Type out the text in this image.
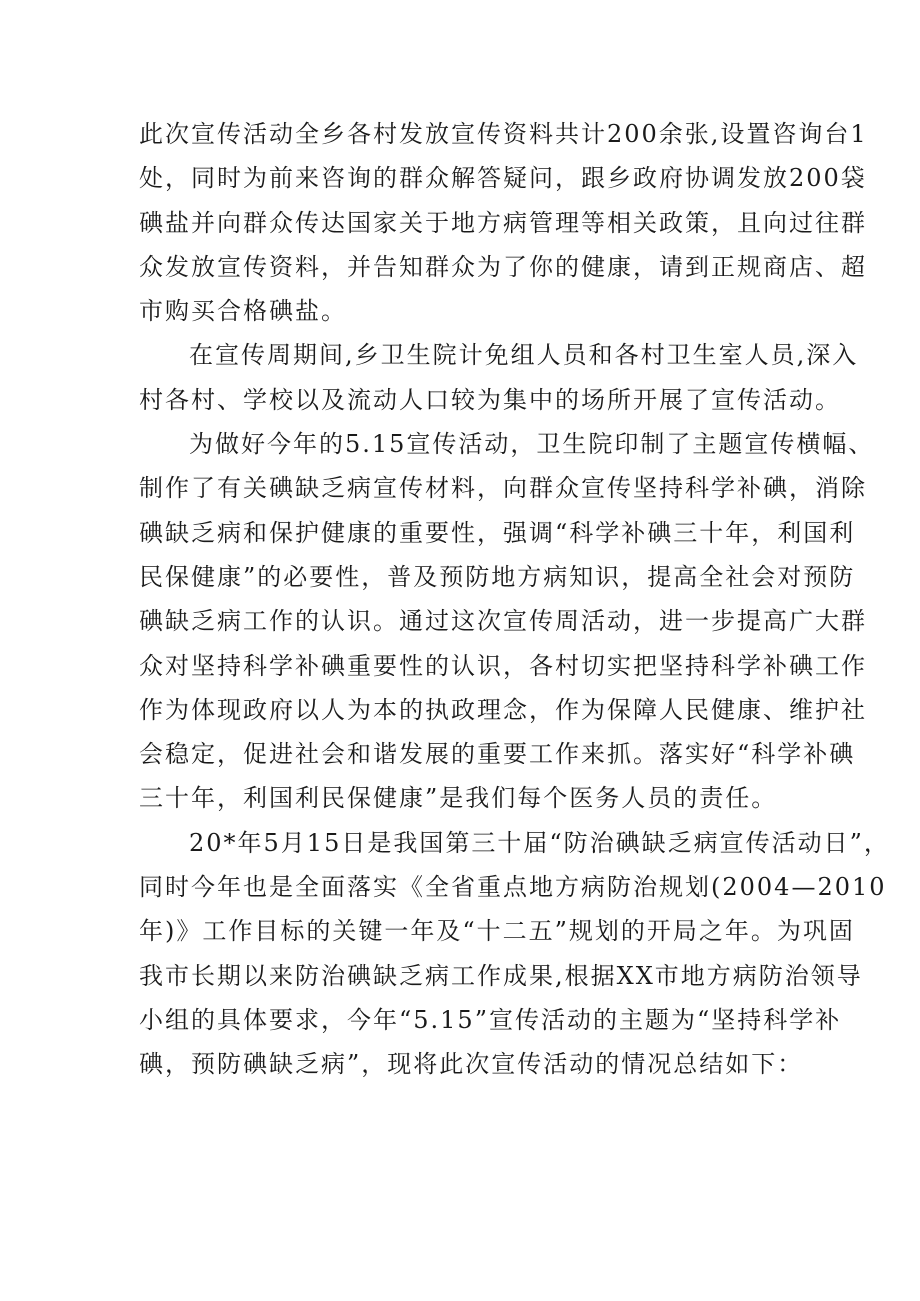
此次宣传活动全乡各村发放宣传资料共计200余张,设置咨询台1
处，同时为前来咨询的群众解答疑问，跟乡政府协调发放200袋
碘盐并向群众传达国家关于地方病管理等相关政策，且向过往群
众发放宣传资料，并告知群众为了你的健康，请到正规商店、超
市购买合格碘盐。
在宣传周期间,乡卫生院计免组人员和各村卫生室人员,深入
村各村、学校以及流动人口较为集中的场所开展了宣传活动。
为做好今年的5.15宣传活动，卫生院印制了主题宣传横幅、
制作了有关碘缺乏病宣传材料，向群众宣传坚持科学补碘，消除
碘缺乏病和保护健康的重要性，强调“科学补碘三十年，利国利
民保健康”的必要性，普及预防地方病知识，提高全社会对预防
碘缺乏病工作的认识。通过这次宣传周活动，进一步提高广大群
众对坚持科学补碘重要性的认识，各村切实把坚持科学补碘工作
作为体现政府以人为本的执政理念，作为保障人民健康、维护社
会稳定，促进社会和谐发展的重要工作来抓。落实好“科学补碘
三十年，利国利民保健康”是我们每个医务人员的责任。
20*年5月15日是我国第三十届“防治碘缺乏病宣传活动日”，
同时今年也是全面落实《全省重点地方病防治规划(2004—2010
年)》工作目标的关键一年及“十二五”规划的开局之年。为巩固
我市长期以来防治碘缺乏病工作成果,根据XX市地方病防治领导
小组的具体要求，今年“5.15”宣传活动的主题为“坚持科学补
碘，预防碘缺乏病”，现将此次宣传活动的情况总结如下：
